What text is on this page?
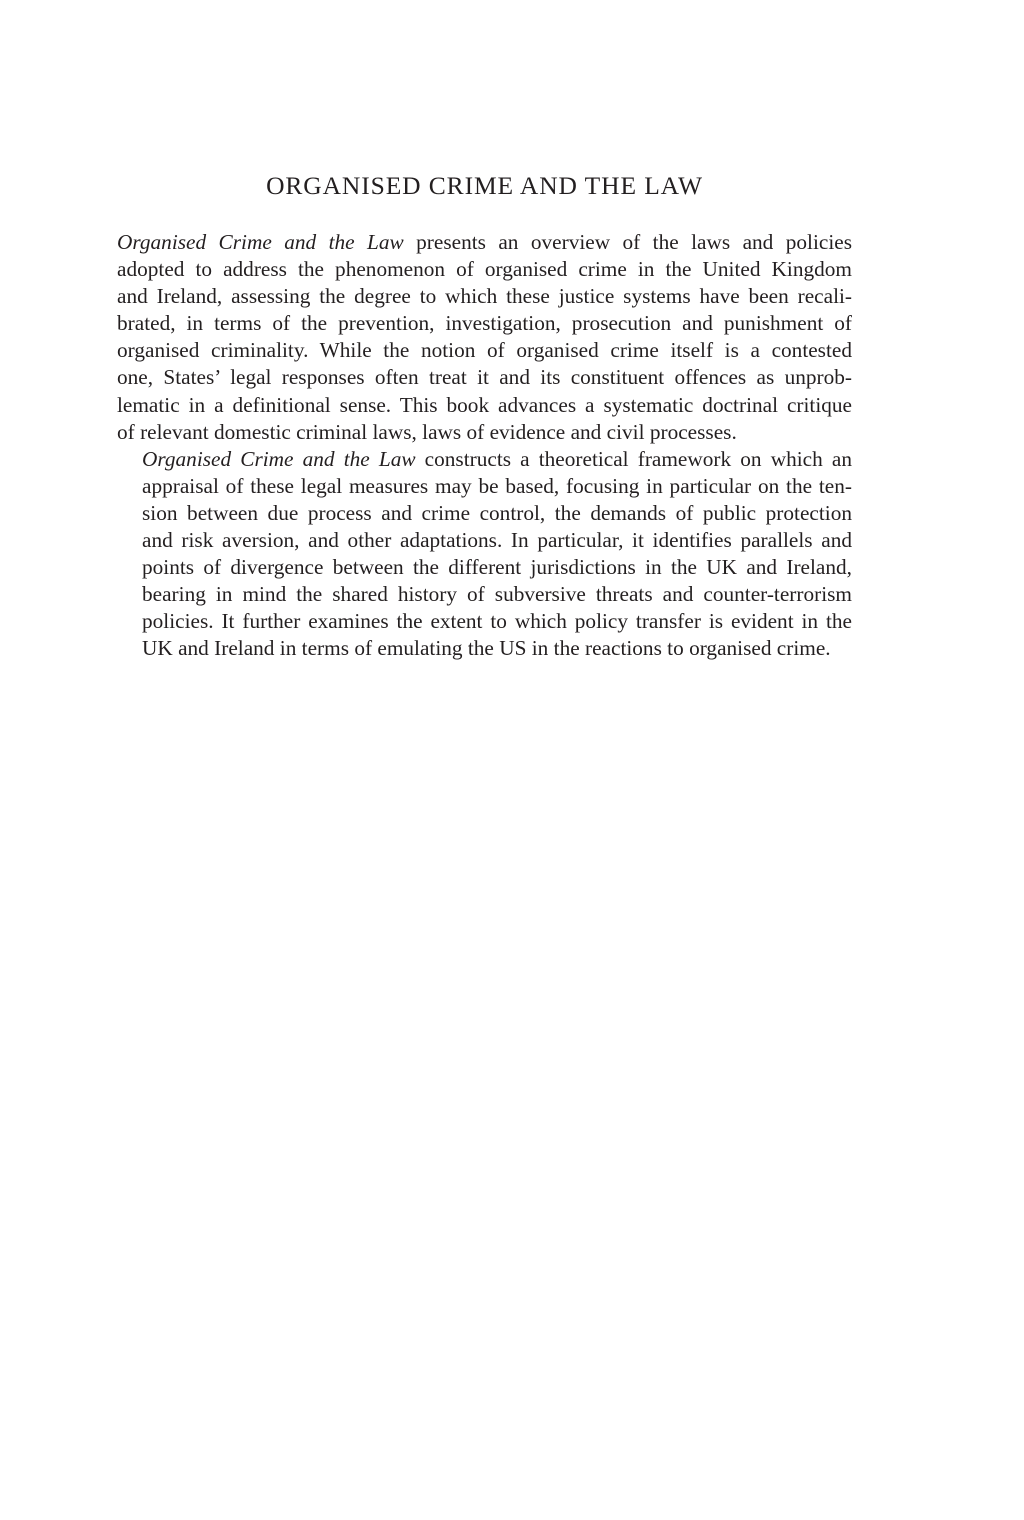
ORGANISED CRIME AND THE LAW

Organised Crime and the Law presents an overview of the laws and policies
adopted to address the phenomenon of organised crime in the United Kingdom
and Ireland, assessing the degree to which these justice systems have been recali-
brated, in terms of the prevention, investigation, prosecution and punishment of
organised criminality. While the notion of organised crime itself is a contested
one, States’ legal responses often treat it and its constituent offences as unprob-
lematic in a definitional sense. This book advances a systematic doctrinal critique
of relevant domestic criminal laws, laws of evidence and civil processes.

Organised Crime and the Law constructs a theoretical framework on which an
appraisal of these legal measures may be based, focusing in particular on the ten-
sion between due process and crime control, the demands of public protection
and risk aversion, and other adaptations. In particular, it identifies parallels and
points of divergence between the different jurisdictions in the UK and Ireland,
bearing in mind the shared history of subversive threats and counter-terrorism
policies. It further examines the extent to which policy transfer is evident in the
UK and Ireland in terms of emulating the US in the reactions to organised crime.
